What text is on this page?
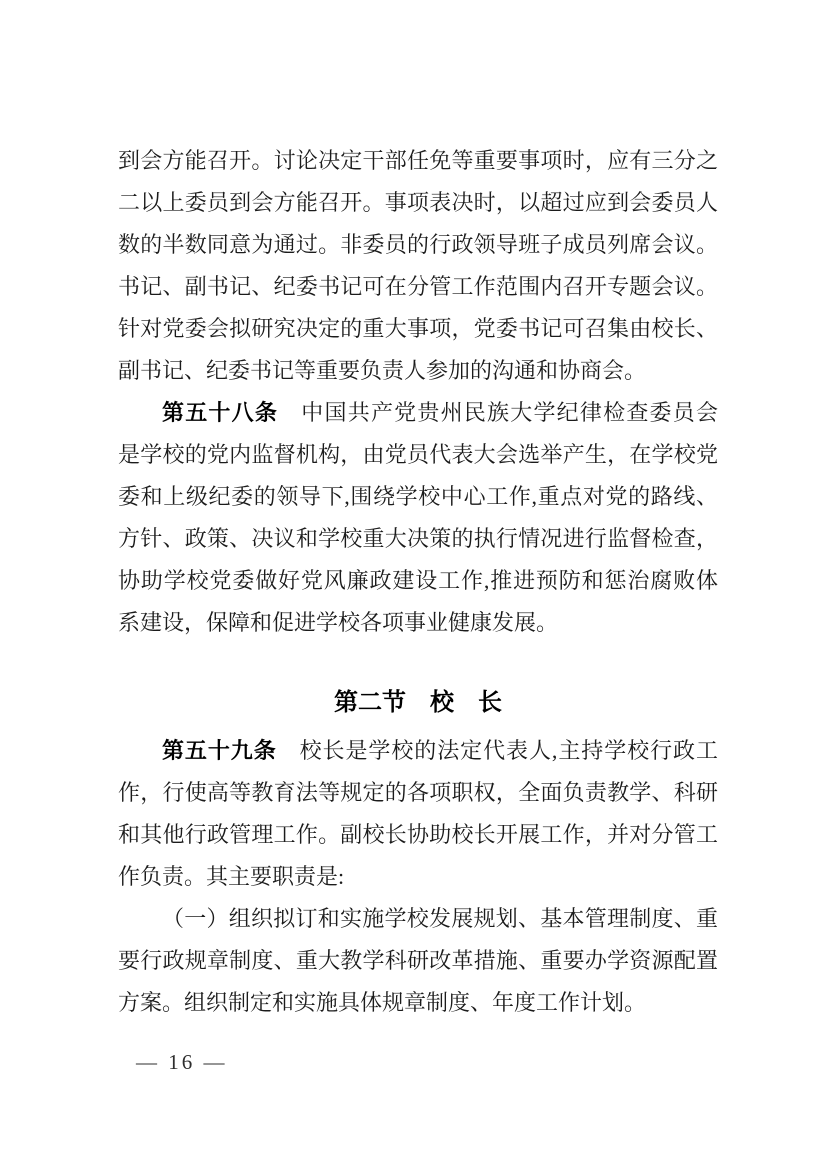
到会方能召开。讨论决定干部任免等重要事项时，应有三分之
二以上委员到会方能召开。事项表决时，以超过应到会委员人
数的半数同意为通过。非委员的行政领导班子成员列席会议。
书记、副书记、纪委书记可在分管工作范围内召开专题会议。
针对党委会拟研究决定的重大事项，党委书记可召集由校长、
副书记、纪委书记等重要负责人参加的沟通和协商会。
第五十八条　中国共产党贵州民族大学纪律检查委员会
是学校的党内监督机构，由党员代表大会选举产生，在学校党
委和上级纪委的领导下,围绕学校中心工作,重点对党的路线、
方针、政策、决议和学校重大决策的执行情况进行监督检查，
协助学校党委做好党风廉政建设工作,推进预防和惩治腐败体
系建设，保障和促进学校各项事业健康发展。
第二节　校　长
第五十九条　校长是学校的法定代表人,主持学校行政工
作，行使高等教育法等规定的各项职权，全面负责教学、科研
和其他行政管理工作。副校长协助校长开展工作，并对分管工
作负责。其主要职责是:
（一）组织拟订和实施学校发展规划、基本管理制度、重
要行政规章制度、重大教学科研改革措施、重要办学资源配置
方案。组织制定和实施具体规章制度、年度工作计划。
— 16 —
